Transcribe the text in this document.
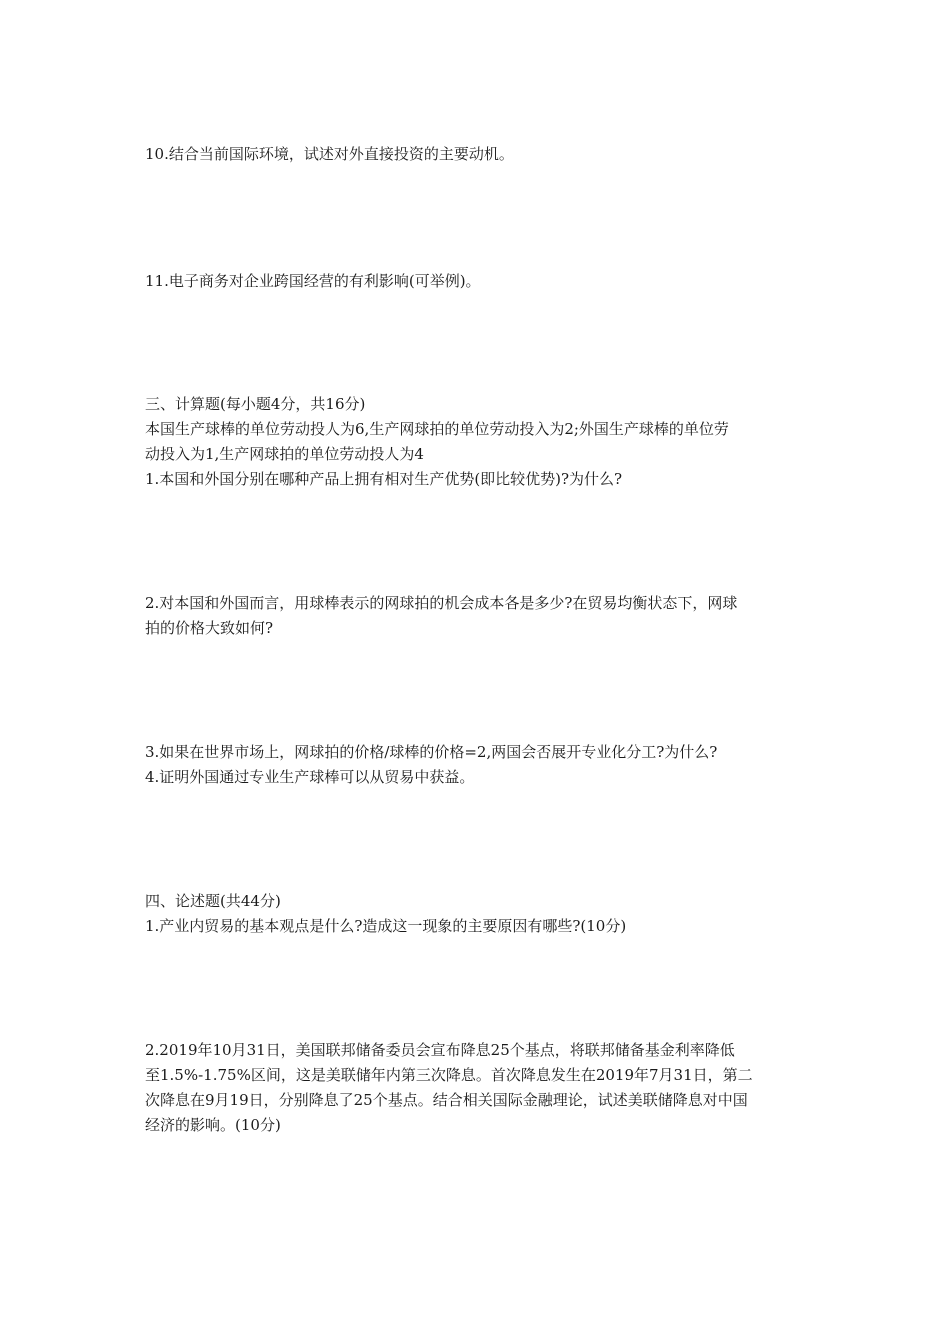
10.结合当前国际环境，试述对外直接投资的主要动机。
11.电子商务对企业跨国经营的有利影响(可举例)。
三、计算题(每小题4分，共16分)
本国生产球棒的单位劳动投人为6,生产网球拍的单位劳动投入为2;外国生产球棒的单位劳
动投入为1,生产网球拍的单位劳动投人为4
1.本国和外国分别在哪种产品上拥有相对生产优势(即比较优势)?为什么?
2.对本国和外国而言，用球棒表示的网球拍的机会成本各是多少?在贸易均衡状态下，网球
拍的价格大致如何?
3.如果在世界市场上，网球拍的价格/球棒的价格=2,两国会否展开专业化分工?为什么?
4.证明外国通过专业生产球棒可以从贸易中获益。
四、论述题(共44分)
1.产业内贸易的基本观点是什么?造成这一现象的主要原因有哪些?(10分)
2.2019年10月31日，美国联邦储备委员会宣布降息25个基点，将联邦储备基金利率降低
至1.5%-1.75%区间，这是美联储年内第三次降息。首次降息发生在2019年7月31日，第二
次降息在9月19日，分别降息了25个基点。结合相关国际金融理论，试述美联储降息对中国
经济的影响。(10分)
